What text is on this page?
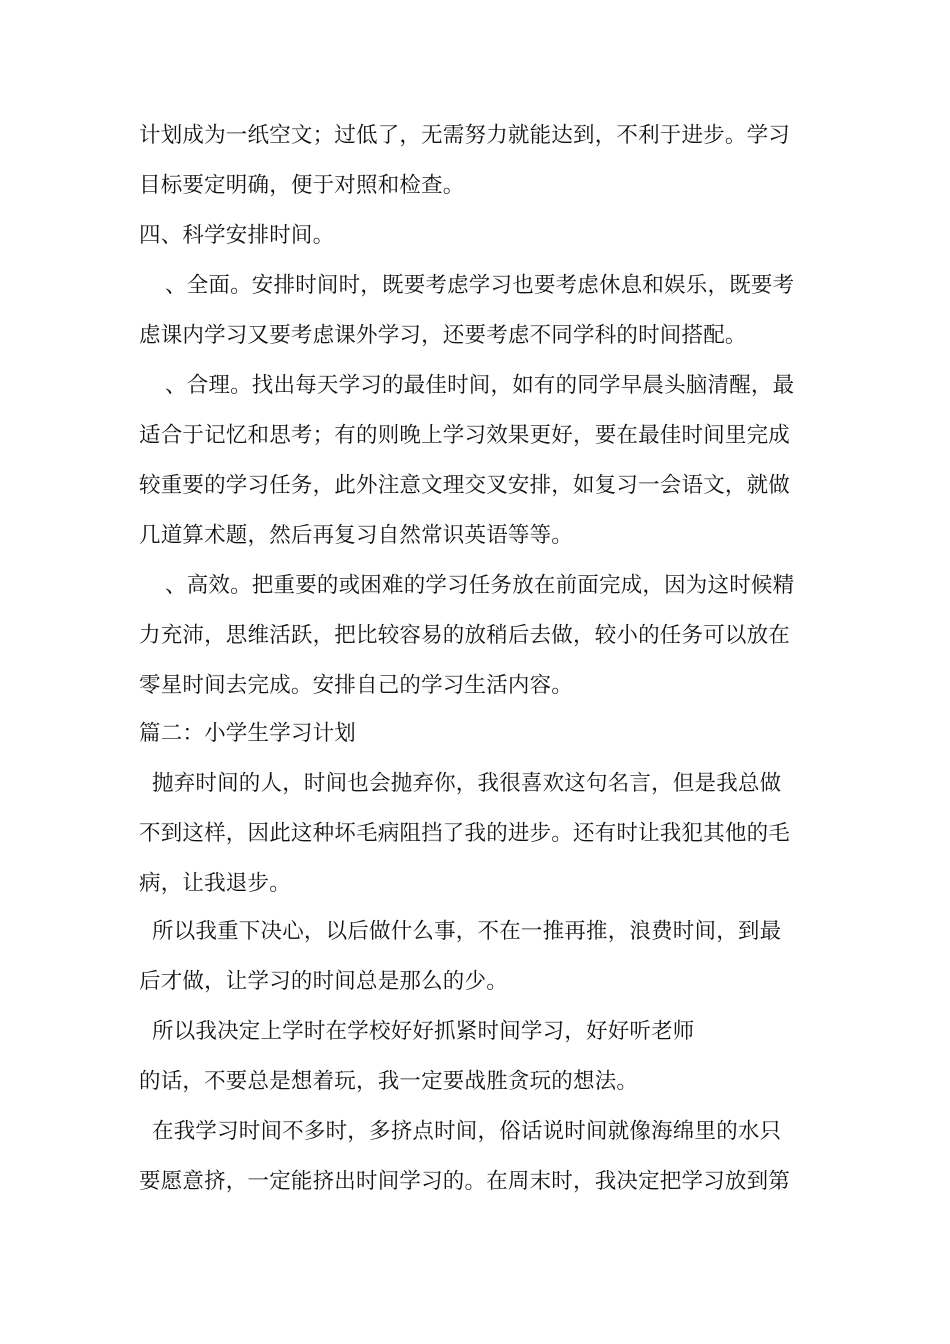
计划成为一纸空文；过低了，无需努力就能达到，不利于进步。学习
目标要定明确，便于对照和检查。
四、科学安排时间。
、全面。安排时间时，既要考虑学习也要考虑休息和娱乐，既要考
虑课内学习又要考虑课外学习，还要考虑不同学科的时间搭配。
、合理。找出每天学习的最佳时间，如有的同学早晨头脑清醒，最
适合于记忆和思考；有的则晚上学习效果更好，要在最佳时间里完成
较重要的学习任务，此外注意文理交叉安排，如复习一会语文，就做
几道算术题，然后再复习自然常识英语等等。
、高效。把重要的或困难的学习任务放在前面完成，因为这时候精
力充沛，思维活跃，把比较容易的放稍后去做，较小的任务可以放在
零星时间去完成。安排自己的学习生活内容。
篇二：小学生学习计划
抛弃时间的人，时间也会抛弃你，我很喜欢这句名言，但是我总做
不到这样，因此这种坏毛病阻挡了我的进步。还有时让我犯其他的毛
病，让我退步。
所以我重下决心，以后做什么事，不在一推再推，浪费时间，到最
后才做，让学习的时间总是那么的少。
所以我决定上学时在学校好好抓紧时间学习，好好听老师
的话，不要总是想着玩，我一定要战胜贪玩的想法。
在我学习时间不多时，多挤点时间，俗话说时间就像海绵里的水只
要愿意挤，一定能挤出时间学习的。在周末时，我决定把学习放到第
